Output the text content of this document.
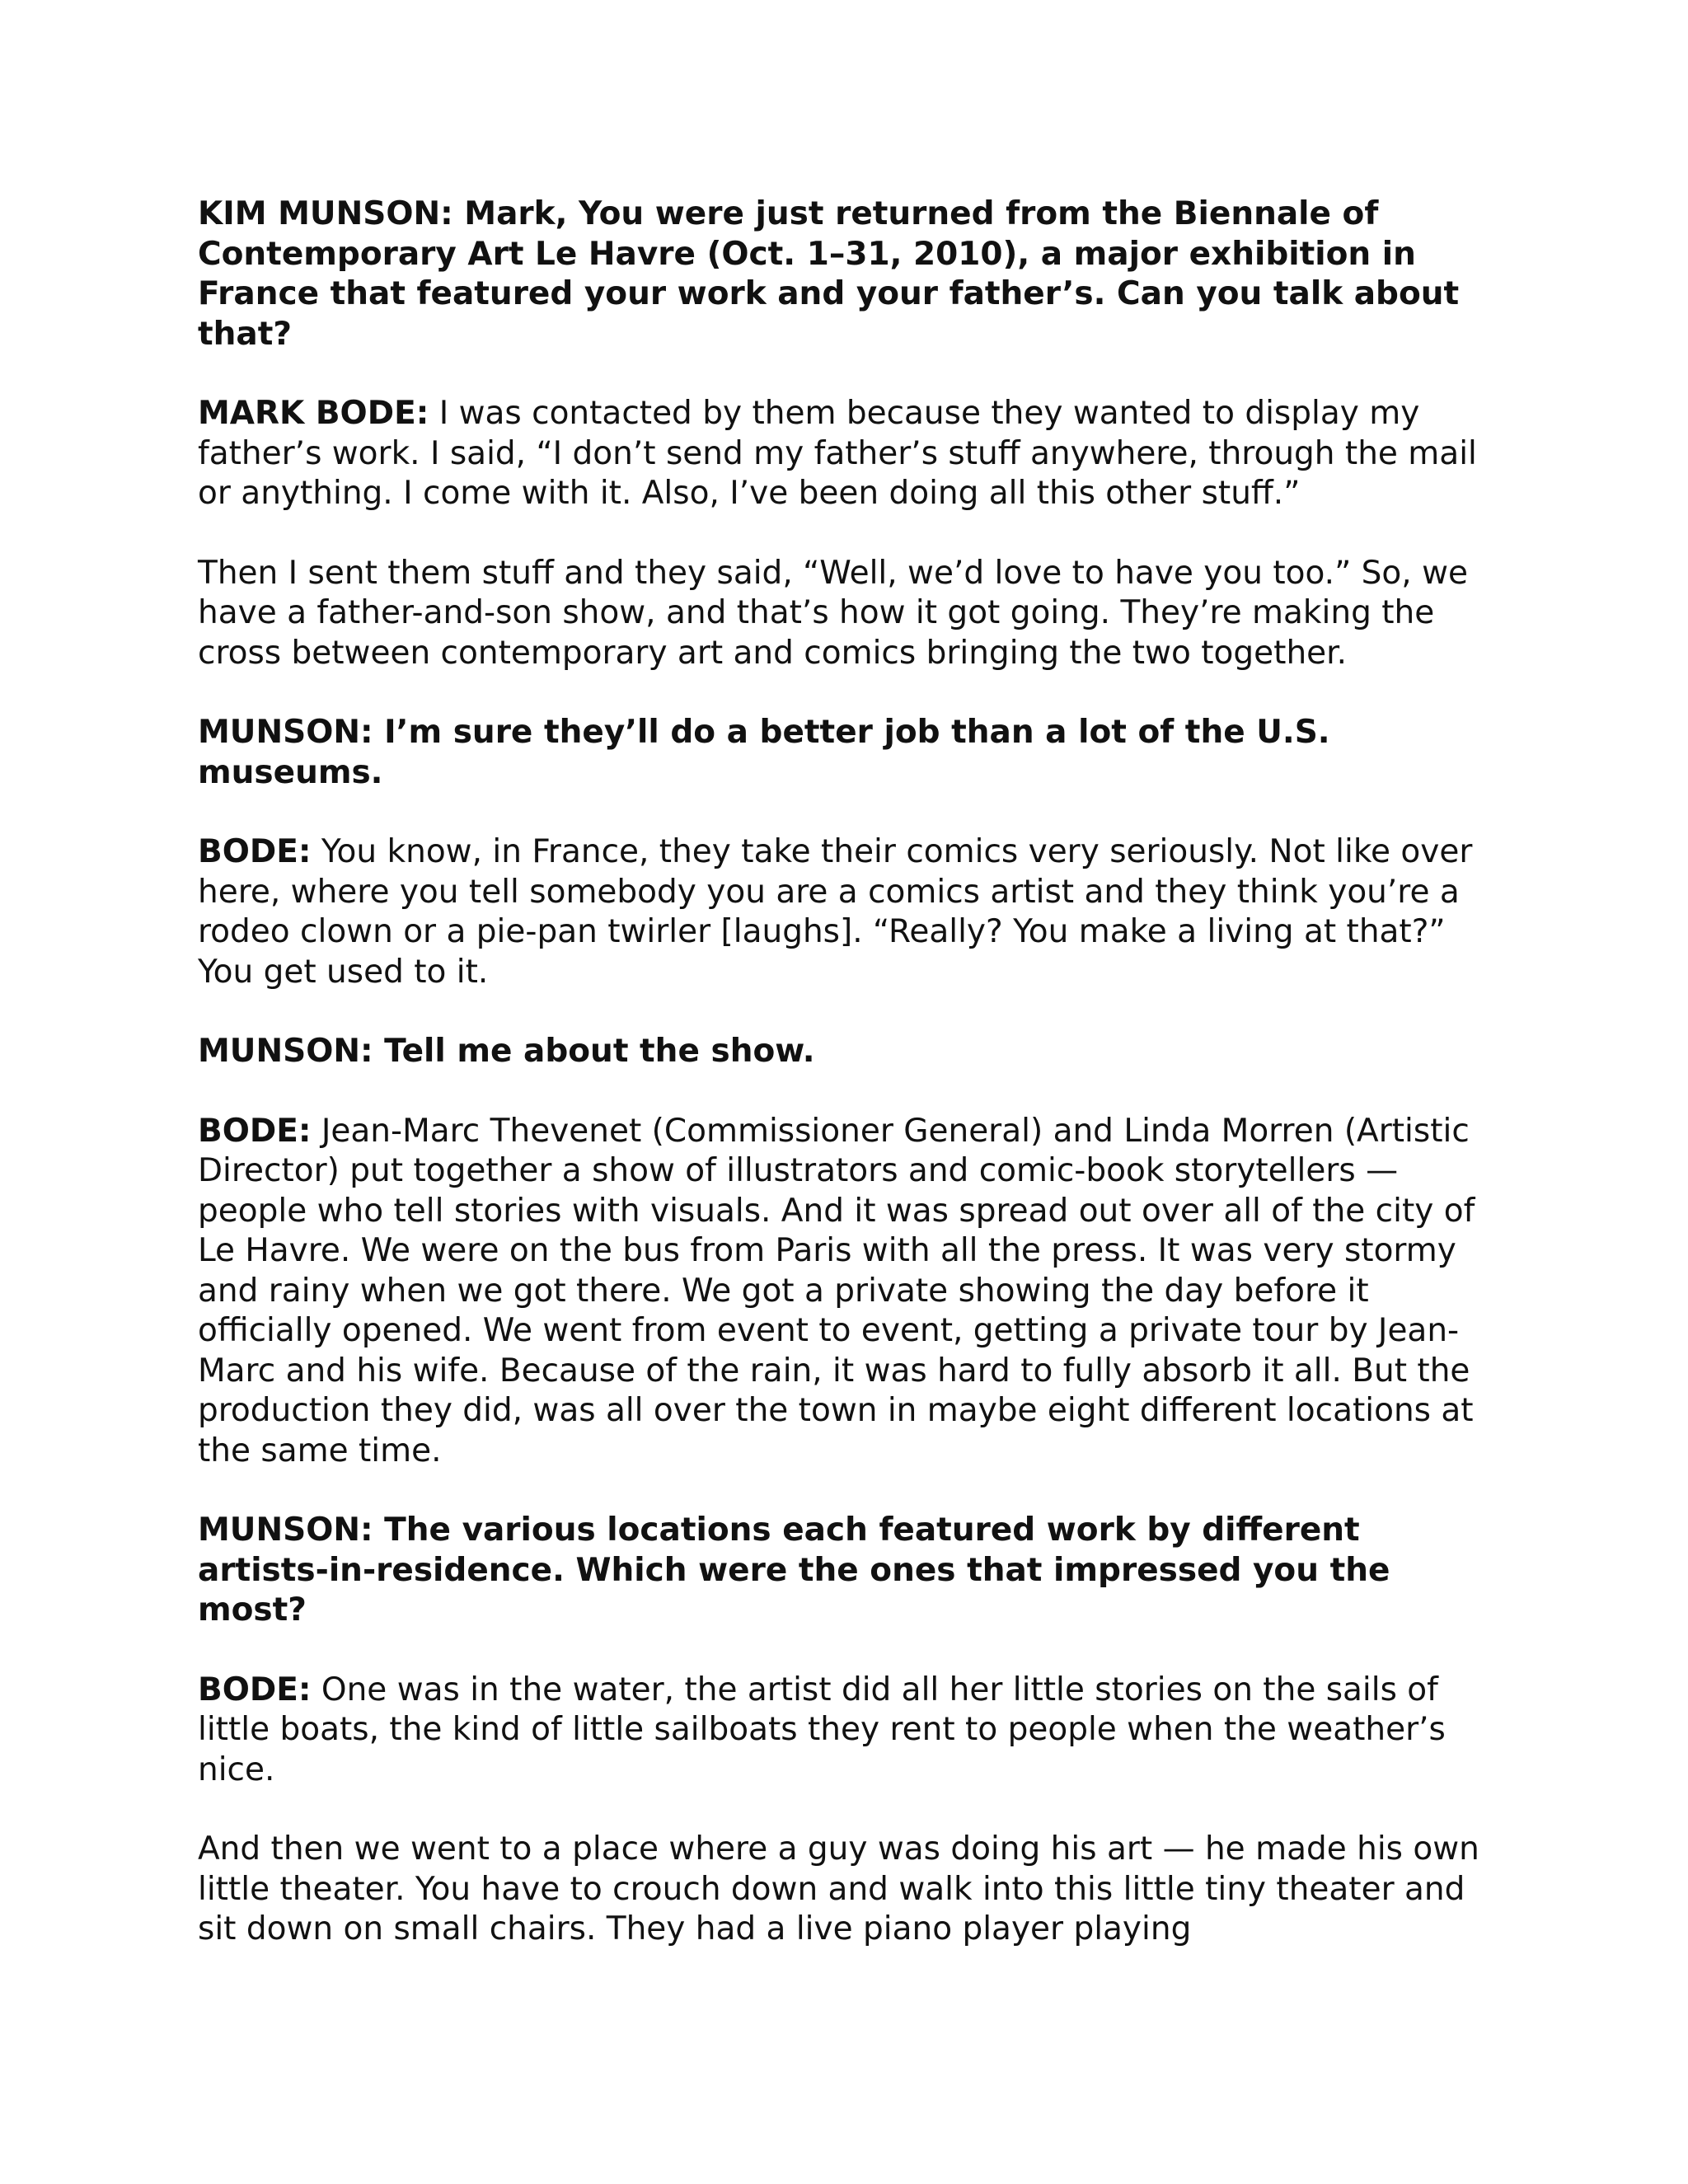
KIM MUNSON: Mark, You were just returned from the Biennale of Contemporary Art Le Havre (Oct. 1–31, 2010), a major exhibition in France that featured your work and your father’s. Can you talk about that?

MARK BODE: I was contacted by them because they wanted to display my father’s work. I said, “I don’t send my father’s stuff anywhere, through the mail or anything. I come with it. Also, I’ve been doing all this other stuff.”

Then I sent them stuff and they said, “Well, we’d love to have you too.” So, we have a father-and-son show, and that’s how it got going. They’re making the cross between contemporary art and comics bringing the two together.

MUNSON: I’m sure they’ll do a better job than a lot of the U.S. museums.

BODE: You know, in France, they take their comics very seriously. Not like over here, where you tell somebody you are a comics artist and they think you’re a rodeo clown or a pie-pan twirler [laughs]. “Really? You make a living at that?” You get used to it.

MUNSON: Tell me about the show.

BODE: Jean-Marc Thevenet (Commissioner General) and Linda Morren (Artistic Director) put together a show of illustrators and comic-book storytellers — people who tell stories with visuals. And it was spread out over all of the city of Le Havre. We were on the bus from Paris with all the press. It was very stormy and rainy when we got there. We got a private showing the day before it officially opened. We went from event to event, getting a private tour by Jean-Marc and his wife. Because of the rain, it was hard to fully absorb it all. But the production they did, was all over the town in maybe eight different locations at the same time.

MUNSON: The various locations each featured work by different artists-in-residence. Which were the ones that impressed you the most?

BODE: One was in the water, the artist did all her little stories on the sails of little boats, the kind of little sailboats they rent to people when the weather’s nice.

And then we went to a place where a guy was doing his art — he made his own little theater. You have to crouch down and walk into this little tiny theater and sit down on small chairs. They had a live piano player playing
